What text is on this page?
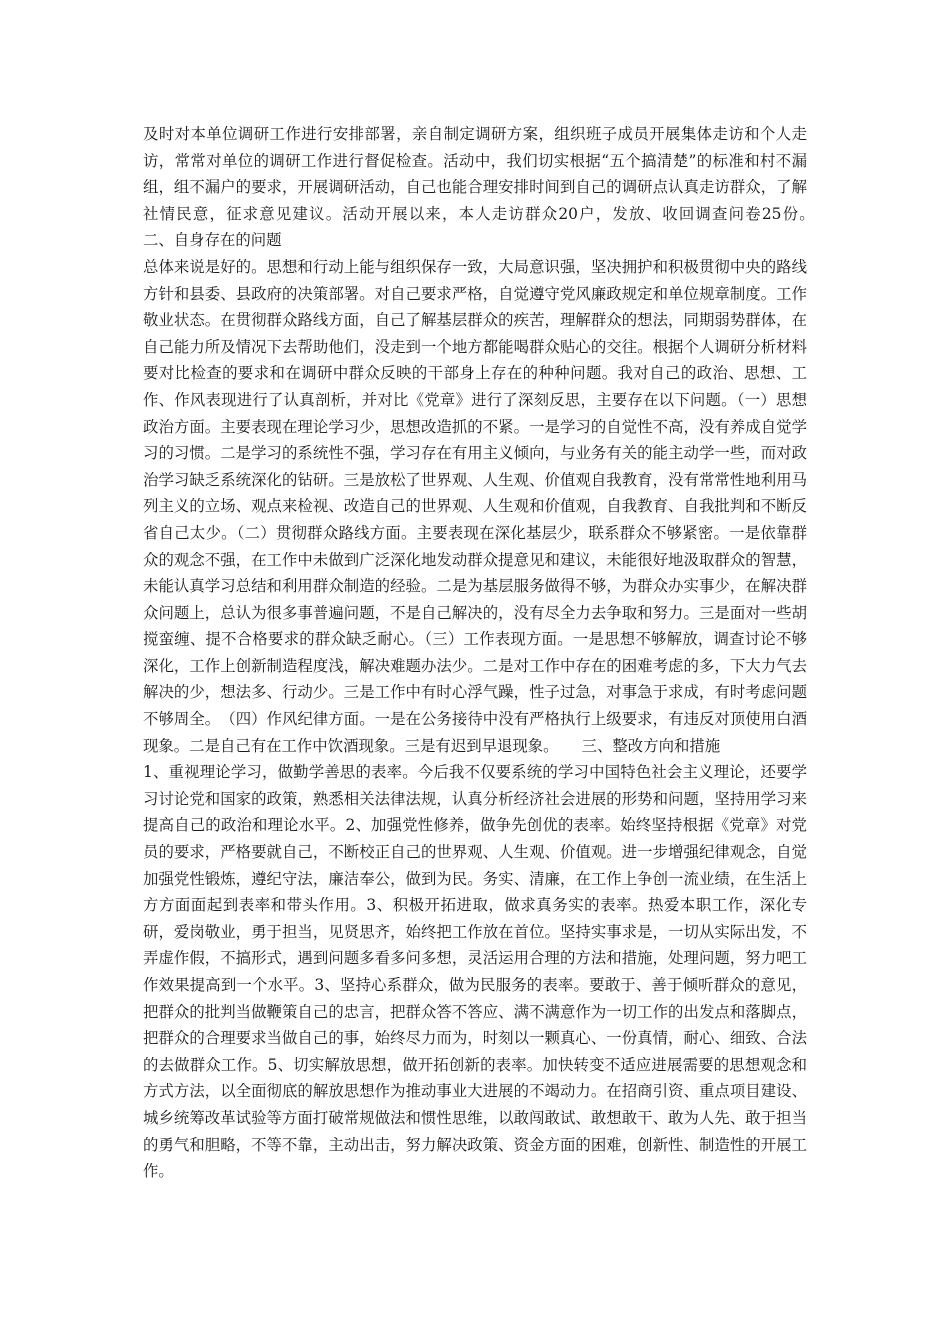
及时对本单位调研工作进行安排部署，亲自制定调研方案，组织班子成员开展集体走访和个人走访，常常对单位的调研工作进行督促检查。活动中，我们切实根据“五个搞清楚”的标准和村不漏组，组不漏户的要求，开展调研活动，自己也能合理安排时间到自己的调研点认真走访群众，了解社情民意，征求意见建议。活动开展以来，本人走访群众20户，发放、收回调查问卷25份。　　二、自身存在的问题

总体来说是好的。思想和行动上能与组织保存一致，大局意识强，坚决拥护和积极贯彻中央的路线方针和县委、县政府的决策部署。对自己要求严格，自觉遵守党风廉政规定和单位规章制度。工作敬业状态。在贯彻群众路线方面，自己了解基层群众的疾苦，理解群众的想法，同期弱势群体，在自己能力所及情况下去帮助他们，没走到一个地方都能喝群众贴心的交往。根据个人调研分析材料要对比检查的要求和在调研中群众反映的干部身上存在的种种问题。我对自己的政治、思想、工作、作风表现进行了认真剖析，并对比《党章》进行了深刻反思，主要存在以下问题。（一）思想政治方面。主要表现在理论学习少，思想改造抓的不紧。一是学习的自觉性不高，没有养成自觉学习的习惯。二是学习的系统性不强，学习存在有用主义倾向，与业务有关的能主动学一些，而对政治学习缺乏系统深化的钻研。三是放松了世界观、人生观、价值观自我教育，没有常常性地利用马列主义的立场、观点来检视、改造自己的世界观、人生观和价值观，自我教育、自我批判和不断反省自己太少。（二）贯彻群众路线方面。主要表现在深化基层少，联系群众不够紧密。一是依靠群众的观念不强，在工作中未做到广泛深化地发动群众提意见和建议，未能很好地汲取群众的智慧，未能认真学习总结和利用群众制造的经验。二是为基层服务做得不够，为群众办实事少，在解决群众问题上，总认为很多事普遍问题，不是自己解决的，没有尽全力去争取和努力。三是面对一些胡搅蛮缠、提不合格要求的群众缺乏耐心。（三）工作表现方面。一是思想不够解放，调查讨论不够深化，工作上创新制造程度浅，解决难题办法少。二是对工作中存在的困难考虑的多，下大力气去解决的少，想法多、行动少。三是工作中有时心浮气躁，性子过急，对事急于求成，有时考虑问题不够周全。　（四）作风纪律方面。一是在公务接待中没有严格执行上级要求，有违反对顶使用白酒现象。二是自己有在工作中饮酒现象。三是有迟到早退现象。　　三、整改方向和措施

1、重视理论学习，做勤学善思的表率。今后我不仅要系统的学习中国特色社会主义理论，还要学习讨论党和国家的政策，熟悉相关法律法规，认真分析经济社会进展的形势和问题，坚持用学习来提高自己的政治和理论水平。2、加强党性修养，做争先创优的表率。始终坚持根据《党章》对党员的要求，严格要就自己，不断校正自己的世界观、人生观、价值观。进一步增强纪律观念，自觉加强党性锻炼，遵纪守法，廉洁奉公，做到为民。务实、清廉，在工作上争创一流业绩，在生活上方方面面起到表率和带头作用。3、积极开拓进取，做求真务实的表率。热爱本职工作，深化专研，爱岗敬业，勇于担当，见贤思齐，始终把工作放在首位。坚持实事求是，一切从实际出发，不弄虚作假，不搞形式，遇到问题多看多问多想，灵活运用合理的方法和措施，处理问题，努力吧工作效果提高到一个水平。3、坚持心系群众，做为民服务的表率。要敢于、善于倾听群众的意见，把群众的批判当做鞭策自己的忠言，把群众答不答应、满不满意作为一切工作的出发点和落脚点，把群众的合理要求当做自己的事，始终尽力而为，时刻以一颗真心、一份真情，耐心、细致、合法的去做群众工作。5、切实解放思想，做开拓创新的表率。加快转变不适应进展需要的思想观念和方式方法，以全面彻底的解放思想作为推动事业大进展的不竭动力。在招商引资、重点项目建设、城乡统筹改革试验等方面打破常规做法和惯性思维，以敢闯敢试、敢想敢干、敢为人先、敢于担当的勇气和胆略，不等不靠，主动出击，努力解决政策、资金方面的困难，创新性、制造性的开展工作。
